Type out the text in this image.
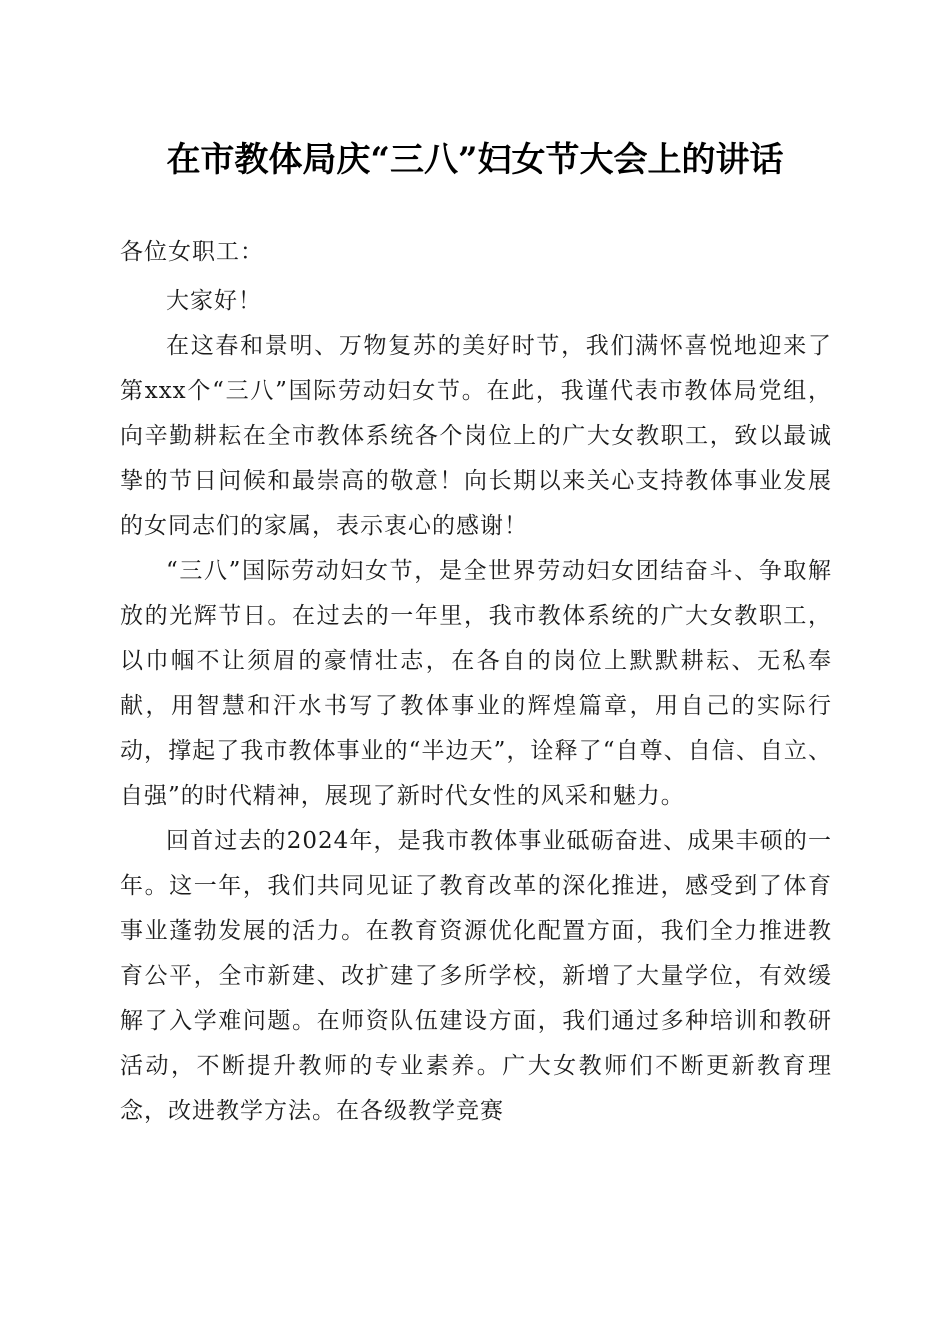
在市教体局庆“三八”妇女节大会上的讲话

各位女职工：

大家好！

在这春和景明、万物复苏的美好时节，我们满怀喜悦地迎来了第xxx个“三八”国际劳动妇女节。在此，我谨代表市教体局党组，向辛勤耕耘在全市教体系统各个岗位上的广大女教职工，致以最诚挚的节日问候和最崇高的敬意！向长期以来关心支持教体事业发展的女同志们的家属，表示衷心的感谢！

“三八”国际劳动妇女节，是全世界劳动妇女团结奋斗、争取解放的光辉节日。在过去的一年里，我市教体系统的广大女教职工，以巾帼不让须眉的豪情壮志，在各自的岗位上默默耕耘、无私奉献，用智慧和汗水书写了教体事业的辉煌篇章，用自己的实际行动，撑起了我市教体事业的“半边天”，诠释了“自尊、自信、自立、自强”的时代精神，展现了新时代女性的风采和魅力。

回首过去的2024年，是我市教体事业砥砺奋进、成果丰硕的一年。这一年，我们共同见证了教育改革的深化推进，感受到了体育事业蓬勃发展的活力。在教育资源优化配置方面，我们全力推进教育公平，全市新建、改扩建了多所学校，新增了大量学位，有效缓解了入学难问题。在师资队伍建设方面，我们通过多种培训和教研活动，不断提升教师的专业素养。广大女教师们不断更新教育理念，改进教学方法。在各级教学竞赛
